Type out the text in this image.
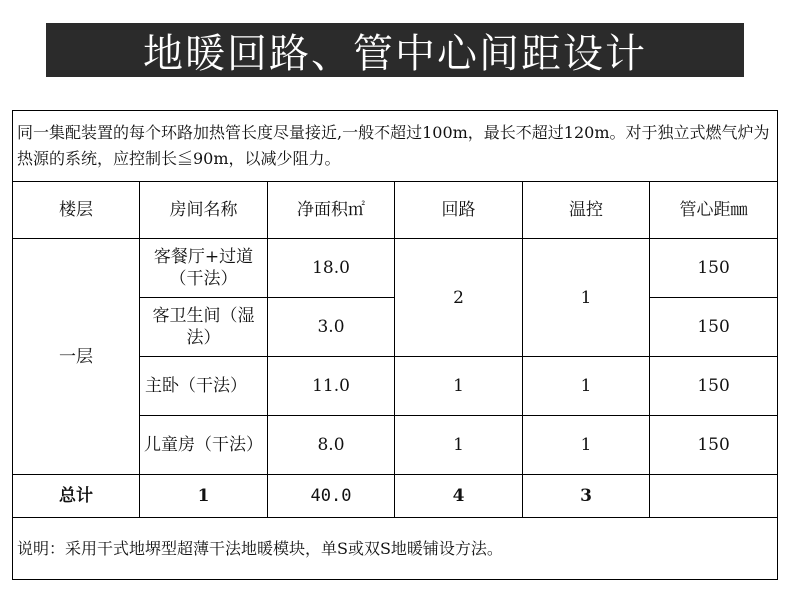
地暖回路、管中心间距设计
同一集配装置的每个环路加热管长度尽量接近,一般不超过100m，最长不超过120m。对于独立式燃气炉为热源的系统，应控制长≦90m，以减少阻力。					
楼层	房间名称	净面积㎡	回路	温控	管心距㎜
一层	客餐厅+过道（干法）	18.0	2	1	150
	客卫生间（湿法）	3.0			150
	主卧（干法）	11.0	1	1	150
	儿童房（干法）	8.0	1	1	150
总计	1	40.0	4	3	
说明：采用干式地堺型超薄干法地暖模块，单S或双S地暖铺设方法。					
